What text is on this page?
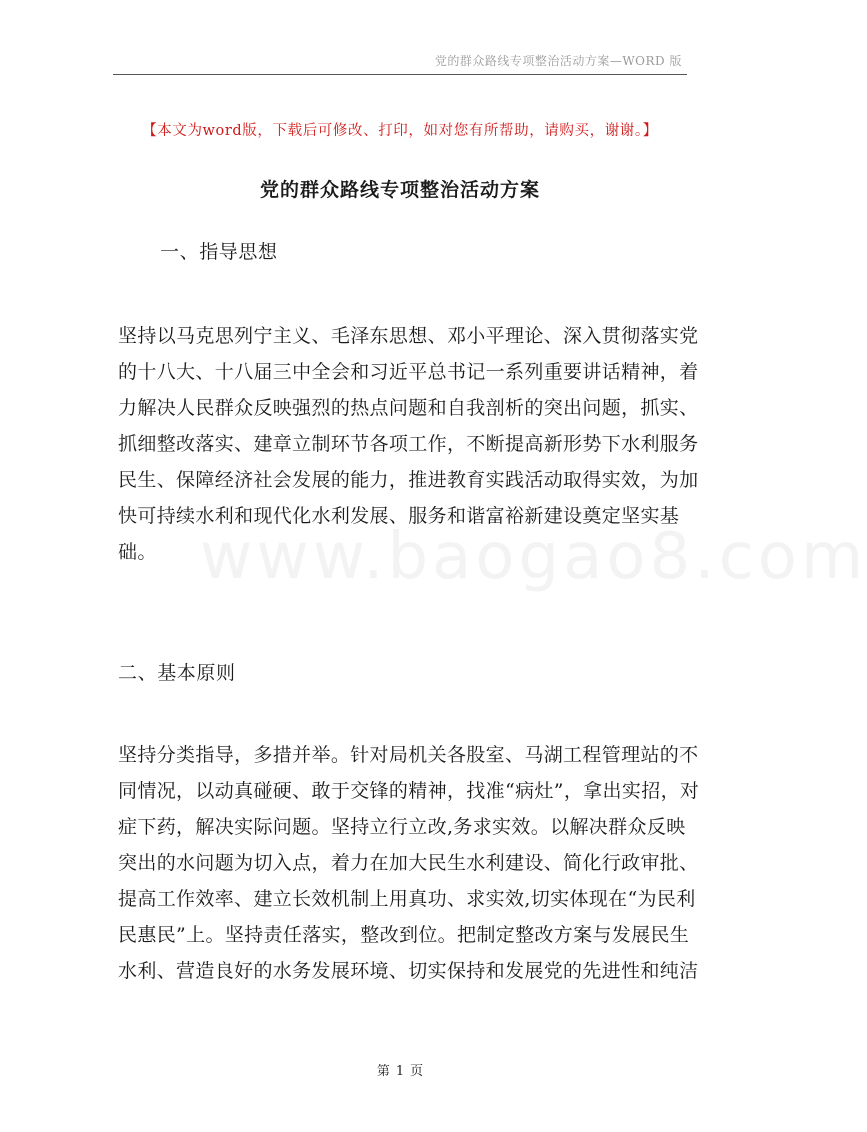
党的群众路线专项整治活动方案—WORD 版
【本文为word版，下载后可修改、打印，如对您有所帮助，请购买，谢谢。】
党的群众路线专项整治活动方案
一、指导思想
坚持以马克思列宁主义、毛泽东思想、邓小平理论、深入贯彻落实党
的十八大、十八届三中全会和习近平总书记一系列重要讲话精神，着
力解决人民群众反映强烈的热点问题和自我剖析的突出问题，抓实、
抓细整改落实、建章立制环节各项工作，不断提高新形势下水利服务
民生、保障经济社会发展的能力，推进教育实践活动取得实效，为加
快可持续水利和现代化水利发展、服务和谐富裕新建设奠定坚实基
础。 www.baogao8.com
二、基本原则
坚持分类指导，多措并举。针对局机关各股室、马湖工程管理站的不
同情况，以动真碰硬、敢于交锋的精神，找准“病灶”，拿出实招，对
症下药，解决实际问题。坚持立行立改,务求实效。以解决群众反映
突出的水问题为切入点，着力在加大民生水利建设、简化行政审批、
提高工作效率、建立长效机制上用真功、求实效,切实体现在“为民利
民惠民”上。坚持责任落实，整改到位。把制定整改方案与发展民生
水利、营造良好的水务发展环境、切实保持和发展党的先进性和纯洁
第 1 页
